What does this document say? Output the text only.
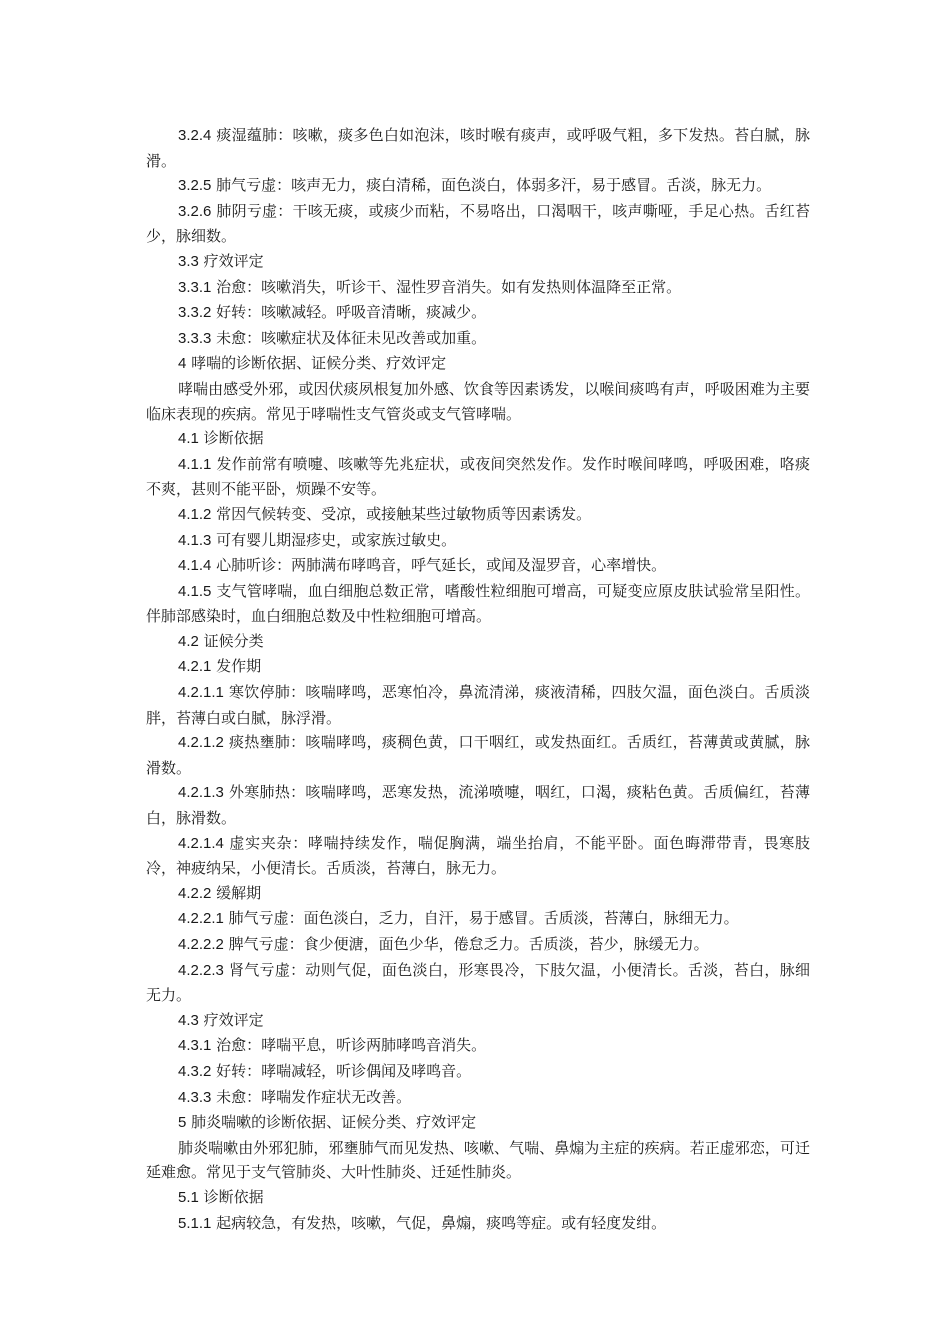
3.2.4 痰湿蕴肺：咳嗽，痰多色白如泡沫，咳时喉有痰声，或呼吸气粗，多下发热。苔白腻，脉滑。

3.2.5 肺气亏虚：咳声无力，痰白清稀，面色淡白，体弱多汗，易于感冒。舌淡，脉无力。

3.2.6 肺阴亏虚：干咳无痰，或痰少而粘，不易咯出，口渴咽干，咳声嘶哑，手足心热。舌红苔少，脉细数。

3.3 疗效评定

3.3.1 治愈：咳嗽消失，听诊干、湿性罗音消失。如有发热则体温降至正常。

3.3.2 好转：咳嗽减轻。呼吸音清晰，痰减少。

3.3.3 未愈：咳嗽症状及体征未见改善或加重。

4 哮喘的诊断依据、证候分类、疗效评定

哮喘由感受外邪，或因伏痰夙根复加外感、饮食等因素诱发，以喉间痰鸣有声，呼吸困难为主要临床表现的疾病。常见于哮喘性支气管炎或支气管哮喘。

4.1 诊断依据

4.1.1 发作前常有喷嚏、咳嗽等先兆症状，或夜间突然发作。发作时喉间哮鸣，呼吸困难，咯痰不爽，甚则不能平卧，烦躁不安等。

4.1.2 常因气候转变、受凉，或接触某些过敏物质等因素诱发。

4.1.3 可有婴儿期湿疹史，或家族过敏史。

4.1.4 心肺听诊：两肺满布哮鸣音，呼气延长，或闻及湿罗音，心率增快。

4.1.5 支气管哮喘，血白细胞总数正常，嗜酸性粒细胞可增高，可疑变应原皮肤试验常呈阳性。伴肺部感染时，血白细胞总数及中性粒细胞可增高。

4.2 证候分类

4.2.1 发作期

4.2.1.1 寒饮停肺：咳喘哮鸣，恶寒怕冷，鼻流清涕，痰液清稀，四肢欠温，面色淡白。舌质淡胖，苔薄白或白腻，脉浮滑。

4.2.1.2 痰热壅肺：咳喘哮鸣，痰稠色黄，口干咽红，或发热面红。舌质红，苔薄黄或黄腻，脉滑数。

4.2.1.3 外寒肺热：咳喘哮鸣，恶寒发热，流涕喷嚏，咽红，口渴，痰粘色黄。舌质偏红，苔薄白，脉滑数。

4.2.1.4 虚实夹杂：哮喘持续发作，喘促胸满，端坐抬肩，不能平卧。面色晦滞带青，畏寒肢冷，神疲纳呆，小便清长。舌质淡，苔薄白，脉无力。

4.2.2 缓解期

4.2.2.1 肺气亏虚：面色淡白，乏力，自汗，易于感冒。舌质淡，苔薄白，脉细无力。

4.2.2.2 脾气亏虚：食少便溏，面色少华，倦怠乏力。舌质淡，苔少，脉缓无力。

4.2.2.3 肾气亏虚：动则气促，面色淡白，形寒畏冷，下肢欠温，小便清长。舌淡，苔白，脉细无力。

4.3 疗效评定

4.3.1 治愈：哮喘平息，听诊两肺哮鸣音消失。

4.3.2 好转：哮喘减轻，听诊偶闻及哮鸣音。

4.3.3 未愈：哮喘发作症状无改善。

5 肺炎喘嗽的诊断依据、证候分类、疗效评定

肺炎喘嗽由外邪犯肺，邪壅肺气而见发热、咳嗽、气喘、鼻煽为主症的疾病。若正虚邪恋，可迁延难愈。常见于支气管肺炎、大叶性肺炎、迁延性肺炎。

5.1 诊断依据

5.1.1 起病较急，有发热，咳嗽，气促，鼻煽，痰鸣等症。或有轻度发绀。
